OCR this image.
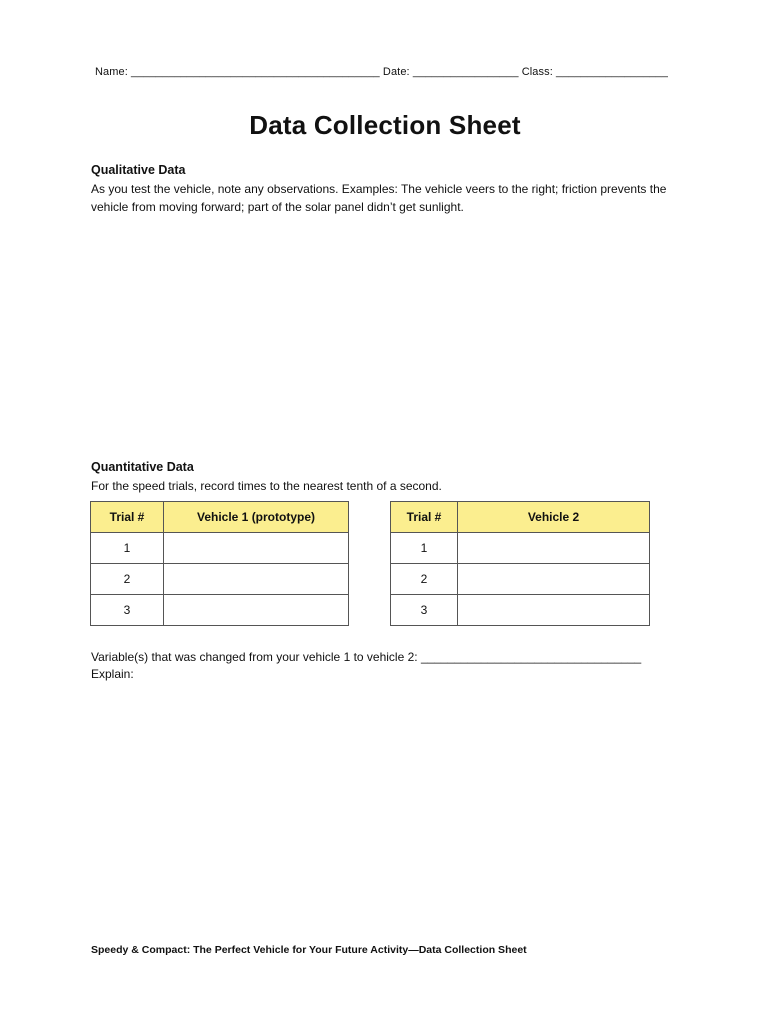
Name: ________________________________________ Date: _________________ Class: __________________
Data Collection Sheet
Qualitative Data
As you test the vehicle, note any observations. Examples: The vehicle veers to the right; friction prevents the vehicle from moving forward; part of the solar panel didn’t get sunlight.
Quantitative Data
For the speed trials, record times to the nearest tenth of a second.
Trial #	Vehicle 1 (prototype)
1	
2	
3	
Trial #	Vehicle 2
1	
2	
3	
Variable(s) that was changed from your vehicle 1 to vehicle 2: _________________________________
Explain:
Speedy & Compact: The Perfect Vehicle for Your Future Activity—Data Collection Sheet
